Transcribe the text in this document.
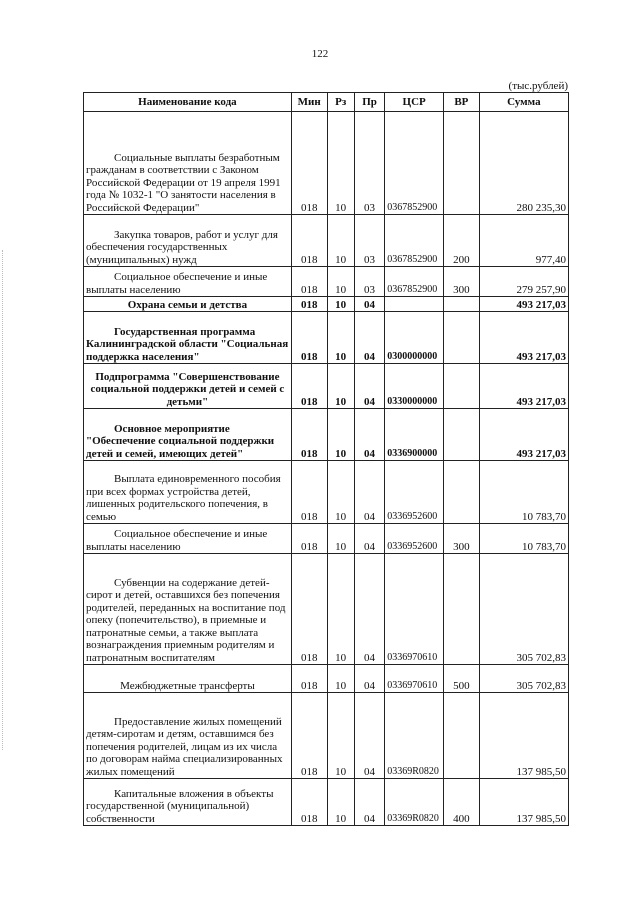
122
(тыс.рублей)
Наименование кода	Мин	Рз	Пр	ЦСР	ВР	Сумма

Социальные выплаты безработным гражданам в соответствии с Законом Российской Федерации от 19 апреля 1991 года № 1032-1 "О занятости населения в Российской Федерации"	018	10	03	0367852900		280 235,30

Закупка товаров, работ и услуг для обеспечения государственных (муниципальных) нужд	018	10	03	0367852900	200	977,40

Социальное обеспечение и иные выплаты населению	018	10	03	0367852900	300	279 257,90
Охрана семьи и детства	018	10	04			493 217,03

Государственная программа Калининградской области "Социальная поддержка населения"	018	10	04	0300000000		493 217,03
Подпрограмма "Совершенствование социальной поддержки детей и семей с детьми"	018	10	04	0330000000		493 217,03

Основное мероприятие "Обеспечение социальной поддержки детей и семей, имеющих детей"	018	10	04	0336900000		493 217,03

Выплата единовременного пособия при всех формах устройства детей, лишенных родительского попечения, в семью	018	10	04	0336952600		10 783,70

Социальное обеспечение и иные выплаты населению	018	10	04	0336952600	300	10 783,70

Субвенции на содержание детей-сирот и детей, оставшихся без попечения родителей, переданных на воспитание под опеку (попечительство), в приемные и патронатные семьи, а также выплата вознаграждения приемным родителям и патронатным воспитателям	018	10	04	0336970610		305 702,83
Межбюджетные трансферты	018	10	04	0336970610	500	305 702,83

Предоставление жилых помещений детям-сиротам и детям, оставшимся без попечения родителей, лицам из их числа по договорам найма специализированных жилых помещений	018	10	04	03369R0820		137 985,50

Капитальные вложения в объекты государственной (муниципальной) собственности	018	10	04	03369R0820	400	137 985,50
